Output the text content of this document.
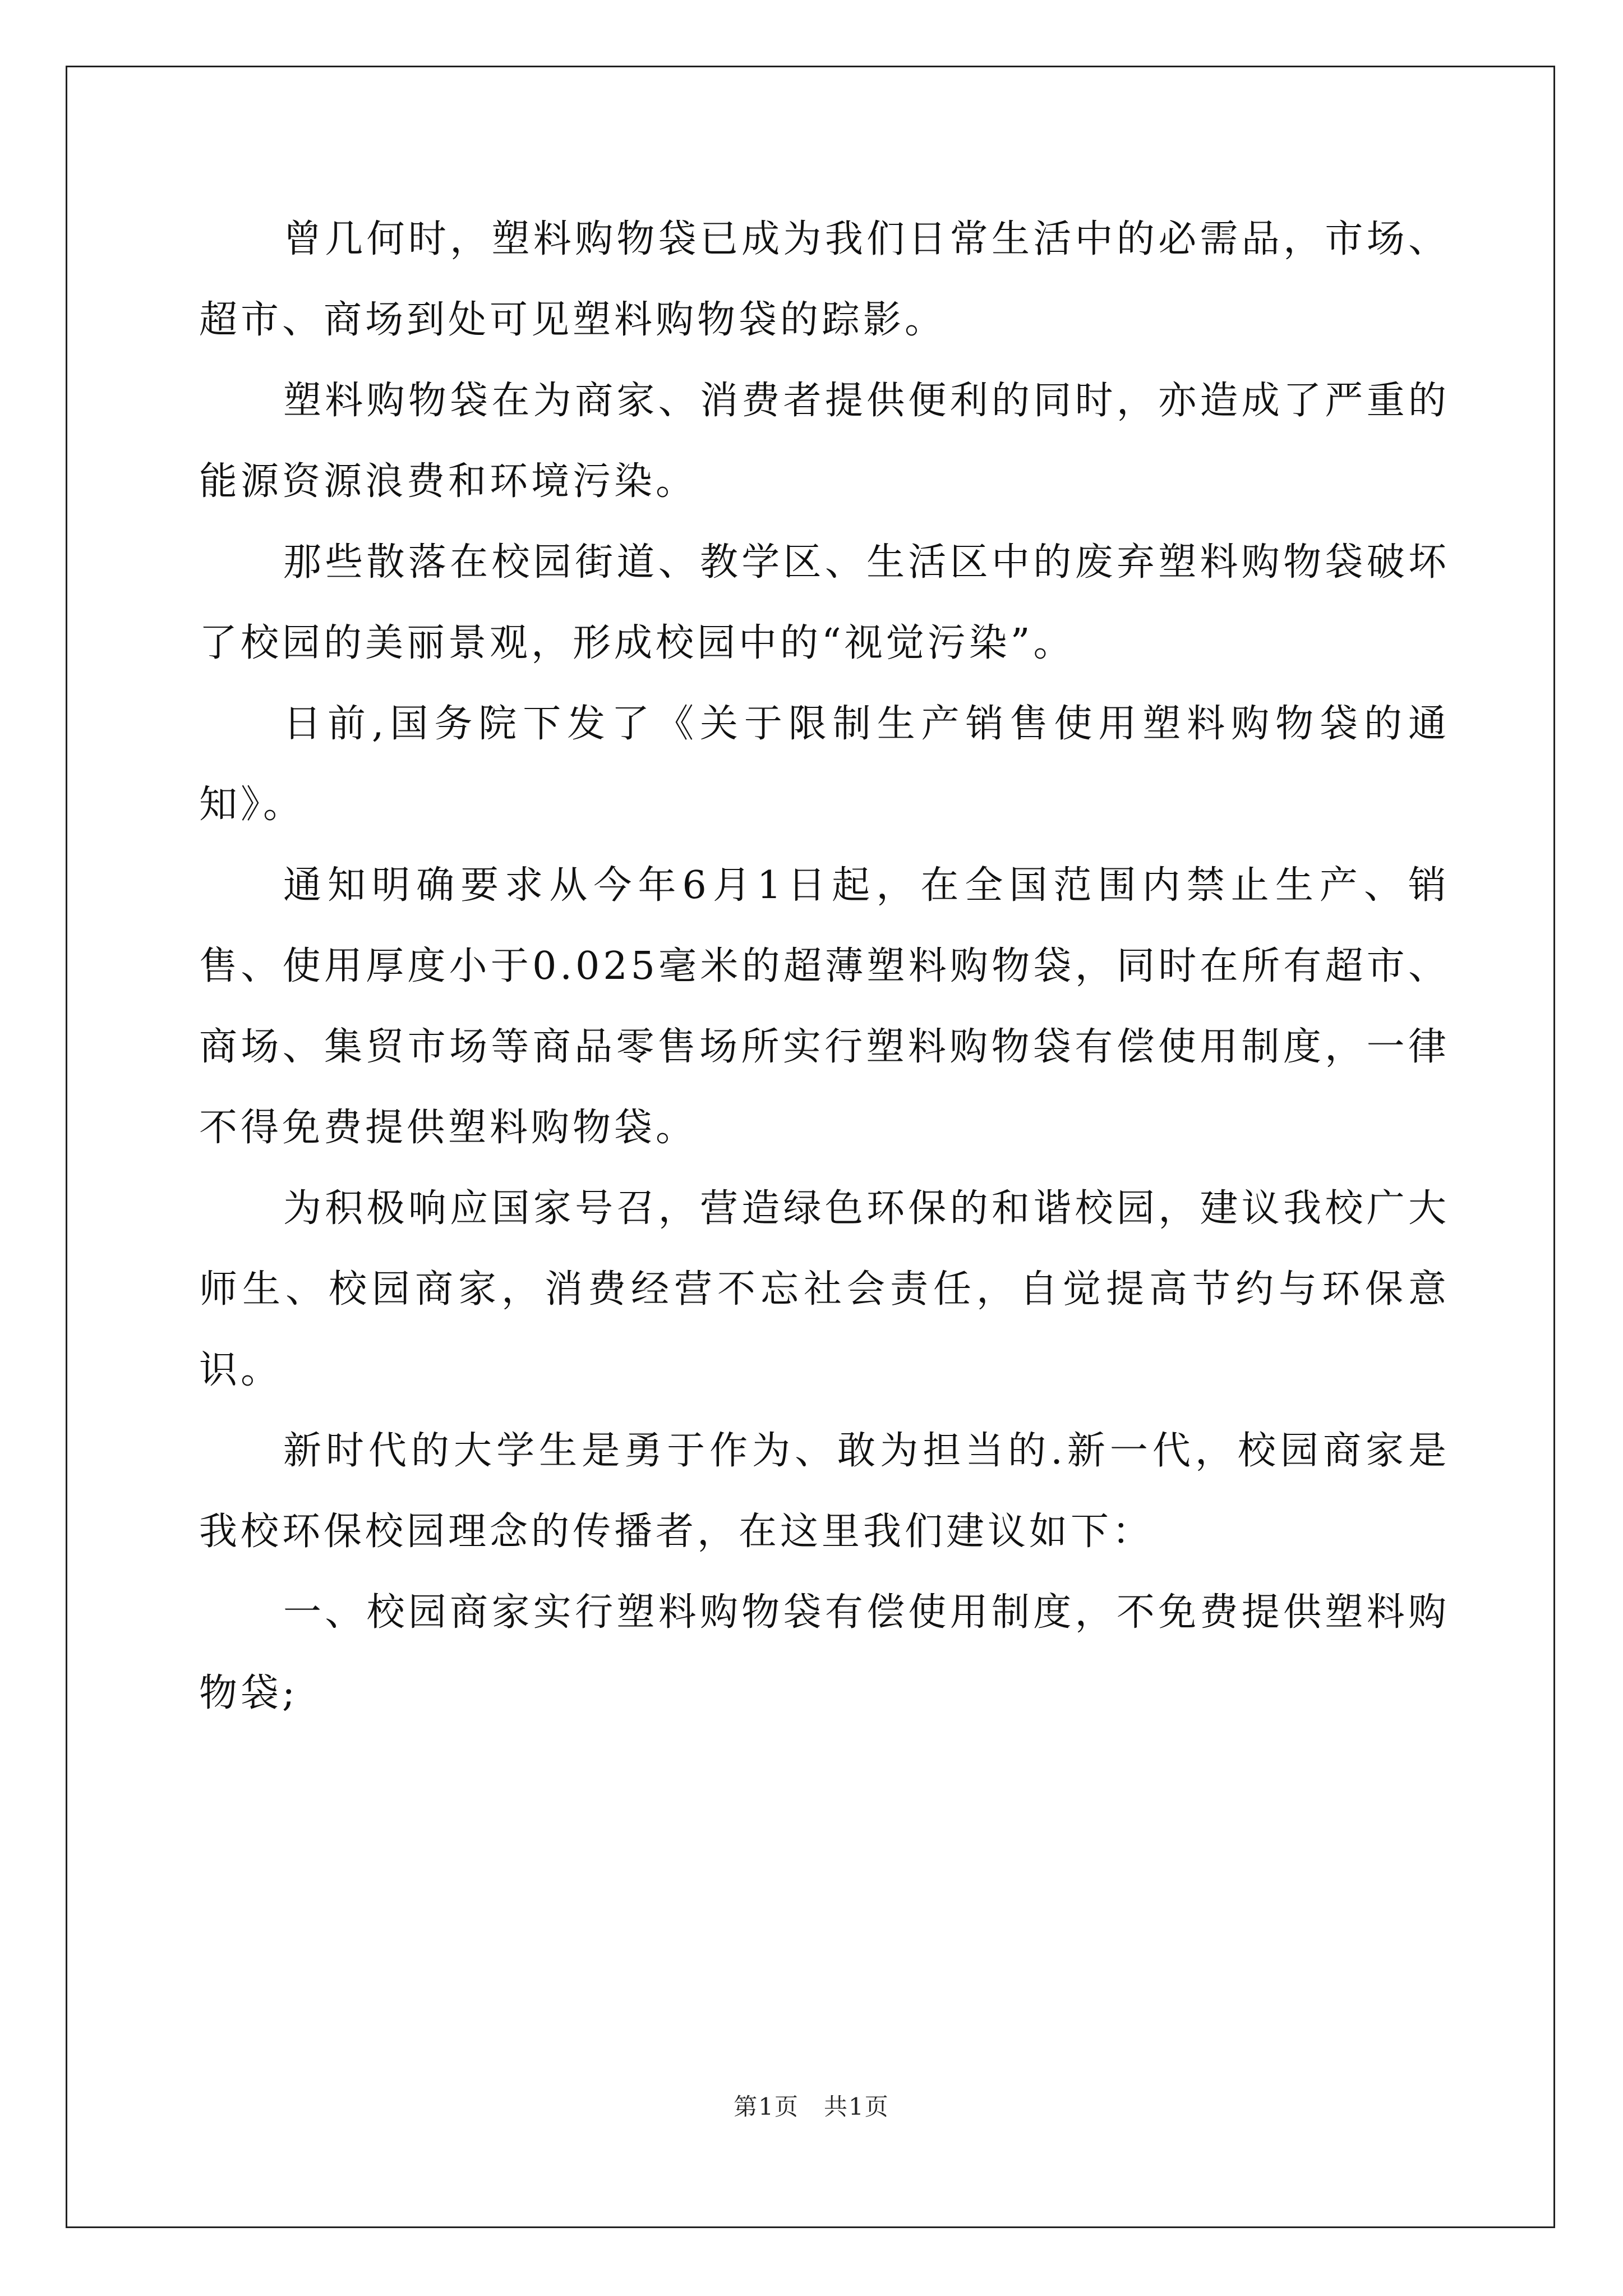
曾几何时，塑料购物袋已成为我们日常生活中的必需品，市场、超市、商场到处可见塑料购物袋的踪影。

塑料购物袋在为商家、消费者提供便利的同时，亦造成了严重的能源资源浪费和环境污染。

那些散落在校园街道、教学区、生活区中的废弃塑料购物袋破坏了校园的美丽景观，形成校园中的“视觉污染”。

日前,国务院下发了《关于限制生产销售使用塑料购物袋的通知》。

通知明确要求从今年6月1日起，在全国范围内禁止生产、销售、使用厚度小于0.025毫米的超薄塑料购物袋，同时在所有超市、商场、集贸市场等商品零售场所实行塑料购物袋有偿使用制度，一律不得免费提供塑料购物袋。

为积极响应国家号召，营造绿色环保的和谐校园，建议我校广大师生、校园商家，消费经营不忘社会责任，自觉提高节约与环保意识。

新时代的大学生是勇于作为、敢为担当的.新一代，校园商家是我校环保校园理念的传播者，在这里我们建议如下：

一、校园商家实行塑料购物袋有偿使用制度，不免费提供塑料购物袋;

第1页　共1页
